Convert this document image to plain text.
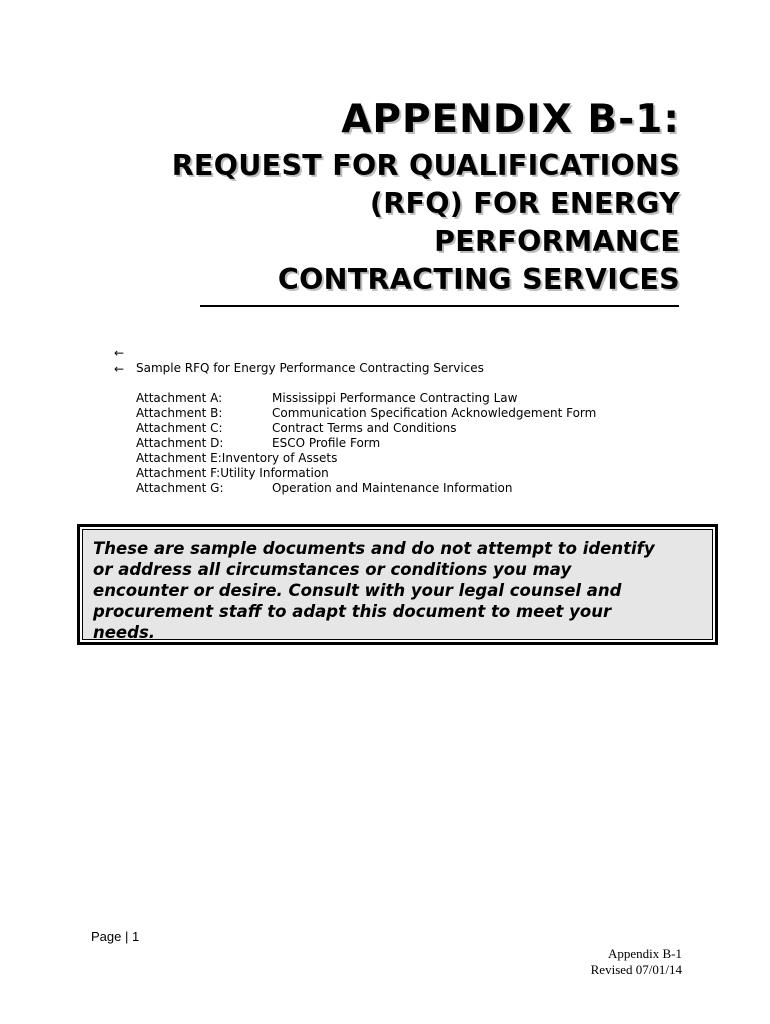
APPENDIX B-1:
REQUEST FOR QUALIFICATIONS
(RFQ) FOR ENERGY
PERFORMANCE
CONTRACTING SERVICES
←
← Sample RFQ for Energy Performance Contracting Services
Attachment A:	Mississippi Performance Contracting Law
Attachment B:	Communication Specification Acknowledgement Form
Attachment C:	Contract Terms and Conditions
Attachment D:	ESCO Profile Form
Attachment E:Inventory of Assets
Attachment F:Utility Information
Attachment G:	Operation and Maintenance Information

These are sample documents and do not attempt to identify
or address all circumstances or conditions you may
encounter or desire. Consult with your legal counsel and
procurement staff to adapt this document to meet your
needs.

Page | 1
Appendix B-1
Revised 07/01/14
